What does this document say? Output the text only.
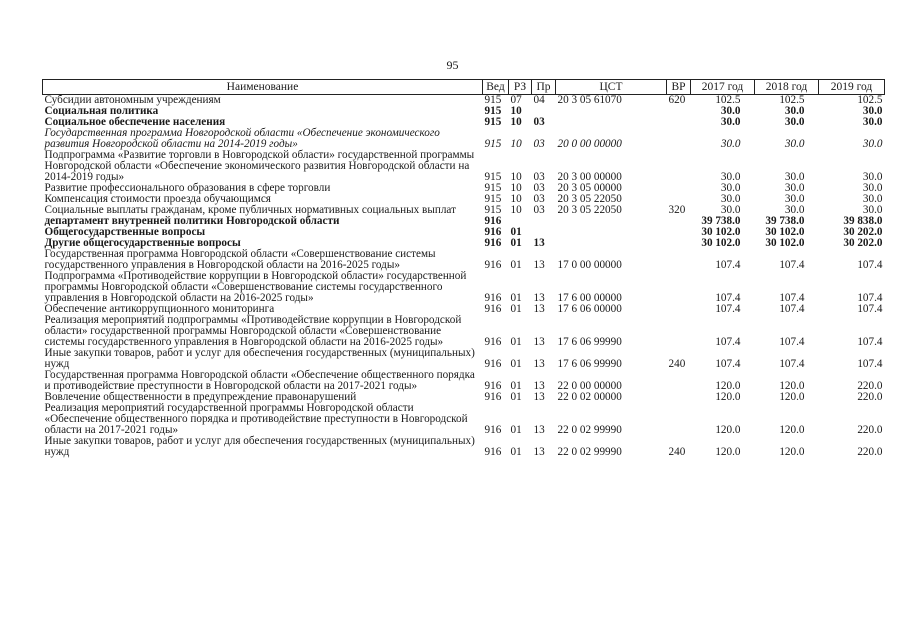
95
Наименование	Вед	РЗ	Пр	ЦСТ	ВР	2017 год	2018 год	2019 год
Субсидии автономным учреждениям	915	07	04	20 3 05 61070	620	102.5	102.5	102.5
Социальная политика	915	10				30.0	30.0	30.0
Социальное обеспечение населения	915	10	03			30.0	30.0	30.0
Государственная программа Новгородской области «Обеспечение экономического развития Новгородской области на 2014-2019 годы»	915	10	03	20 0 00 00000		30.0	30.0	30.0
Подпрограмма «Развитие торговли в Новгородской области» государственной программы Новгородской области «Обеспечение экономического развития Новгородской области на 2014-2019 годы»	915	10	03	20 3 00 00000		30.0	30.0	30.0
Развитие профессионального образования в сфере торговли	915	10	03	20 3 05 00000		30.0	30.0	30.0
Компенсация стоимости проезда обучающимся	915	10	03	20 3 05 22050		30.0	30.0	30.0
Социальные выплаты гражданам, кроме публичных нормативных социальных выплат	915	10	03	20 3 05 22050	320	30.0	30.0	30.0
департамент внутренней политики Новгородской области	916					39 738.0	39 738.0	39 838.0
Общегосударственные вопросы	916	01				30 102.0	30 102.0	30 202.0
Другие общегосударственные вопросы	916	01	13			30 102.0	30 102.0	30 202.0
Государственная программа Новгородской области «Совершенствование системы государственного управления в Новгородской области на 2016-2025 годы»	916	01	13	17 0 00 00000		107.4	107.4	107.4
Подпрограмма «Противодействие коррупции в Новгородской области» государственной программы Новгородской области «Совершенствование системы государственного управления в Новгородской области на 2016-2025 годы»	916	01	13	17 6 00 00000		107.4	107.4	107.4
Обеспечение антикоррупционного мониторинга	916	01	13	17 6 06 00000		107.4	107.4	107.4
Реализация мероприятий подпрограммы «Противодействие коррупции в Новгородской области» государственной программы Новгородской области «Совершенствование системы государственного управления в Новгородской области на 2016-2025 годы»	916	01	13	17 6 06 99990		107.4	107.4	107.4
Иные закупки товаров, работ и услуг для обеспечения государственных (муниципальных) нужд	916	01	13	17 6 06 99990	240	107.4	107.4	107.4
Государственная программа Новгородской области «Обеспечение общественного порядка и противодействие преступности в Новгородской области на 2017-2021 годы»	916	01	13	22 0 00 00000		120.0	120.0	220.0
Вовлечение общественности в предупреждение правонарушений	916	01	13	22 0 02 00000		120.0	120.0	220.0
Реализация мероприятий государственной программы Новгородской области «Обеспечение общественного порядка и противодействие преступности в Новгородской области на 2017-2021 годы»	916	01	13	22 0 02 99990		120.0	120.0	220.0
Иные закупки товаров, работ и услуг для обеспечения государственных (муниципальных) нужд	916	01	13	22 0 02 99990	240	120.0	120.0	220.0
